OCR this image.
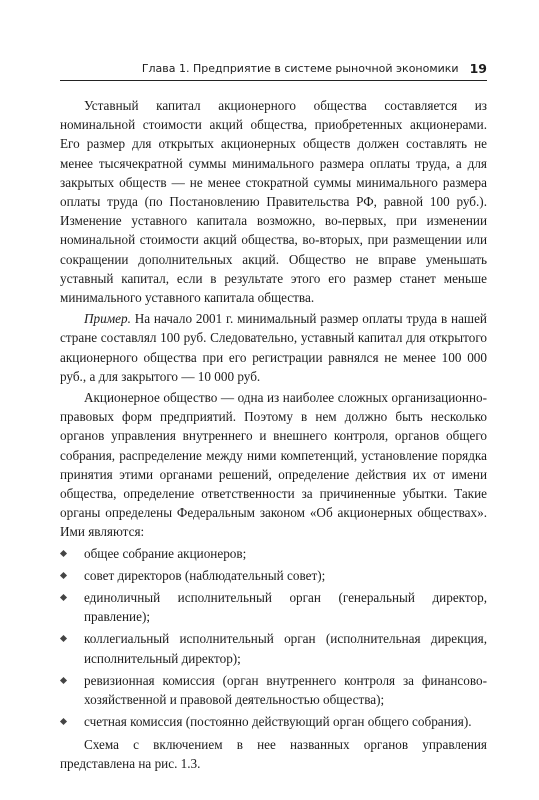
Глава 1. Предприятие в системе рыночной экономики 19

Уставный капитал акционерного общества составляется из номинальной стоимости акций общества, приобретенных акционерами. Его размер для открытых акционерных обществ должен составлять не менее тысячекратной суммы минимального размера оплаты труда, а для закрытых обществ — не менее стократной суммы минимального размера оплаты труда (по Постановлению Правительства РФ, равной 100 руб.). Изменение уставного капитала возможно, во-первых, при изменении номинальной стоимости акций общества, во-вторых, при размещении или сокращении дополнительных акций. Общество не вправе уменьшать уставный капитал, если в результате этого его размер станет меньше минимального уставного капитала общества.

Пример. На начало 2001 г. минимальный размер оплаты труда в нашей стране составлял 100 руб. Следовательно, уставный капитал для открытого акционерного общества при его регистрации равнялся не менее 100 000 руб., а для закрытого — 10 000 руб.

Акционерное общество — одна из наиболее сложных организационно-правовых форм предприятий. Поэтому в нем должно быть несколько органов управления внутреннего и внешнего контроля, органов общего собрания, распределение между ними компетенций, установление порядка принятия этими органами решений, определение действия их от имени общества, определение ответственности за причиненные убытки. Такие органы определены Федеральным законом «Об акционерных обществах». Ими являются:

общее собрание акционеров;
совет директоров (наблюдательный совет);
единоличный исполнительный орган (генеральный директор, правление);
коллегиальный исполнительный орган (исполнительная дирекция, исполнительный директор);
ревизионная комиссия (орган внутреннего контроля за финансово-хозяйственной и правовой деятельностью общества);
счетная комиссия (постоянно действующий орган общего собрания).

Схема с включением в нее названных органов управления представлена на рис. 1.3.
